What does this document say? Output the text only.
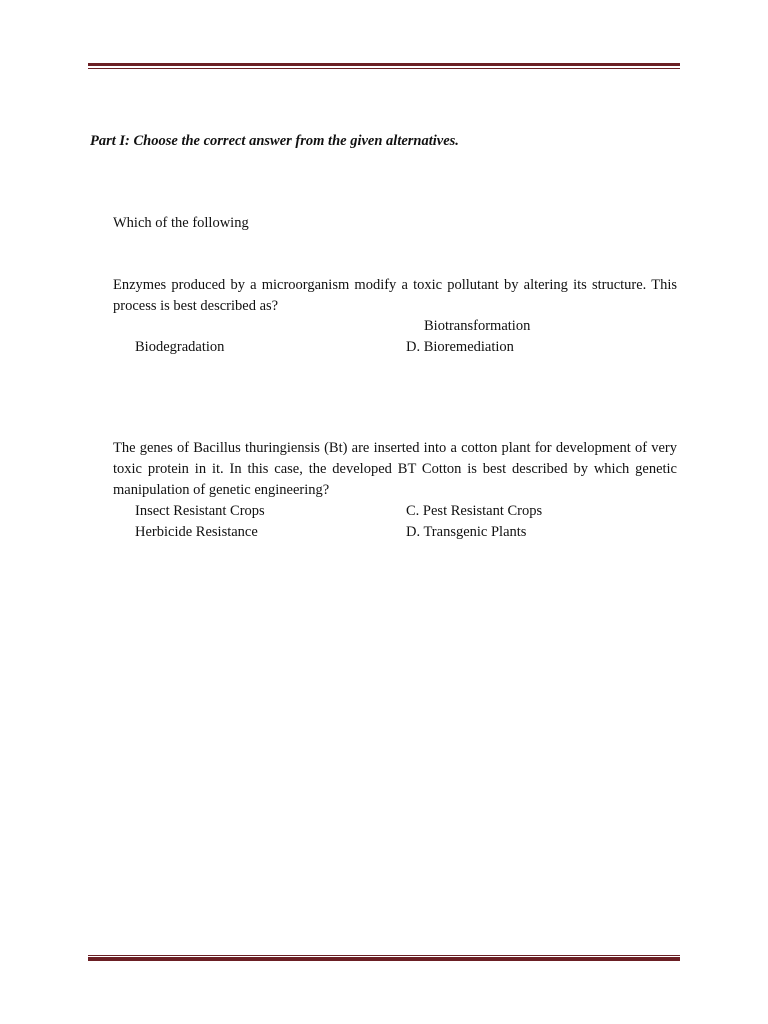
Part I: Choose the correct answer from the given alternatives.
Which of the following
Enzymes produced by a microorganism modify a toxic pollutant by altering its structure. This process is best described as?
Biotransformation
Biodegradation	D. Bioremediation
The genes of Bacillus thuringiensis (Bt) are inserted into a cotton plant for development of very toxic protein in it. In this case, the developed BT Cotton is best described by which genetic manipulation of genetic engineering?
Insect Resistant Crops	C. Pest Resistant Crops
Herbicide Resistance	D. Transgenic Plants
